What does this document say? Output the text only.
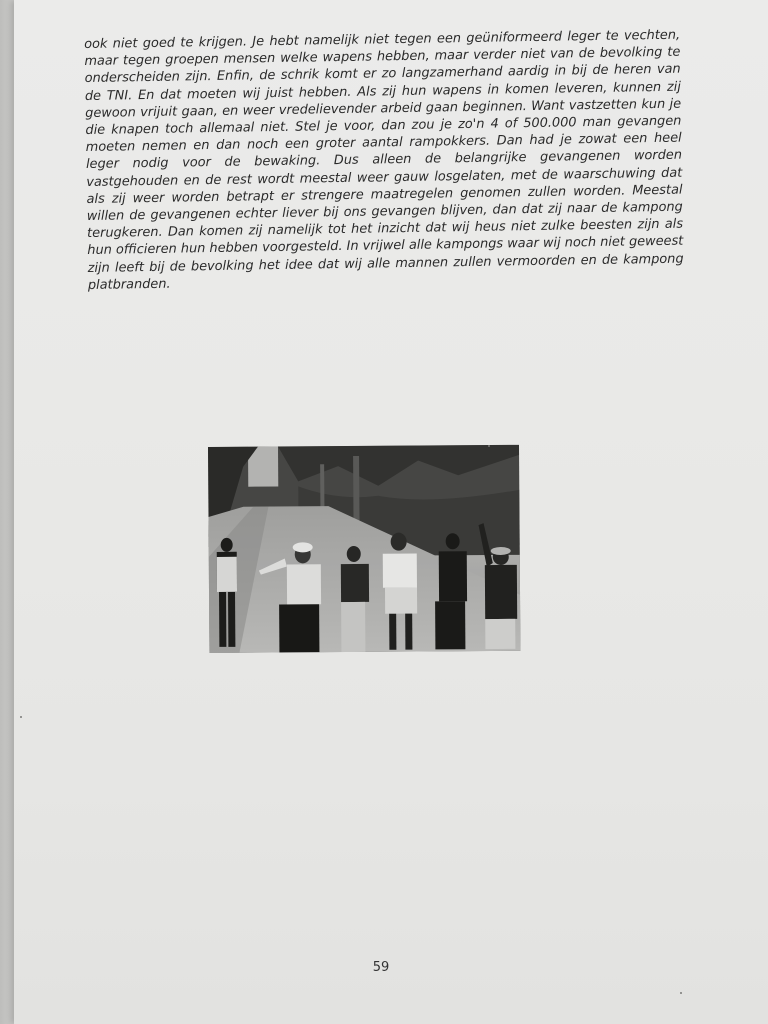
ook niet goed te krijgen. Je hebt namelijk niet tegen een geüniformeerd leger te vechten, maar tegen groepen mensen welke wapens hebben, maar verder niet van de bevolking te onderscheiden zijn. Enfin, de schrik komt er zo langzamerhand aardig in bij de heren van de TNI. En dat moeten wij juist hebben. Als zij hun wapens in komen leveren, kunnen zij gewoon vrijuit gaan, en weer vredelievender arbeid gaan beginnen. Want vastzetten kun je die knapen toch allemaal niet. Stel je voor, dan zou je zo'n 4 of 500.000 man gevangen moeten nemen en dan noch een groter aantal rampokkers. Dan had je zowat een heel leger nodig voor de bewaking. Dus alleen de belangrijke gevangenen worden vastgehouden en de rest wordt meestal weer gauw losgelaten, met de waarschuwing dat als zij weer worden betrapt er strengere maatregelen genomen zullen worden. Meestal willen de gevangenen echter liever bij ons gevangen blijven, dan dat zij naar de kampong terugkeren. Dan komen zij namelijk tot het inzicht dat wij heus niet zulke beesten zijn als hun officieren hun hebben voorgesteld. In vrijwel alle kampongs waar wij noch niet geweest zijn leeft bij de bevolking het idee dat wij alle mannen zullen vermoorden en de kampong platbranden.

59
